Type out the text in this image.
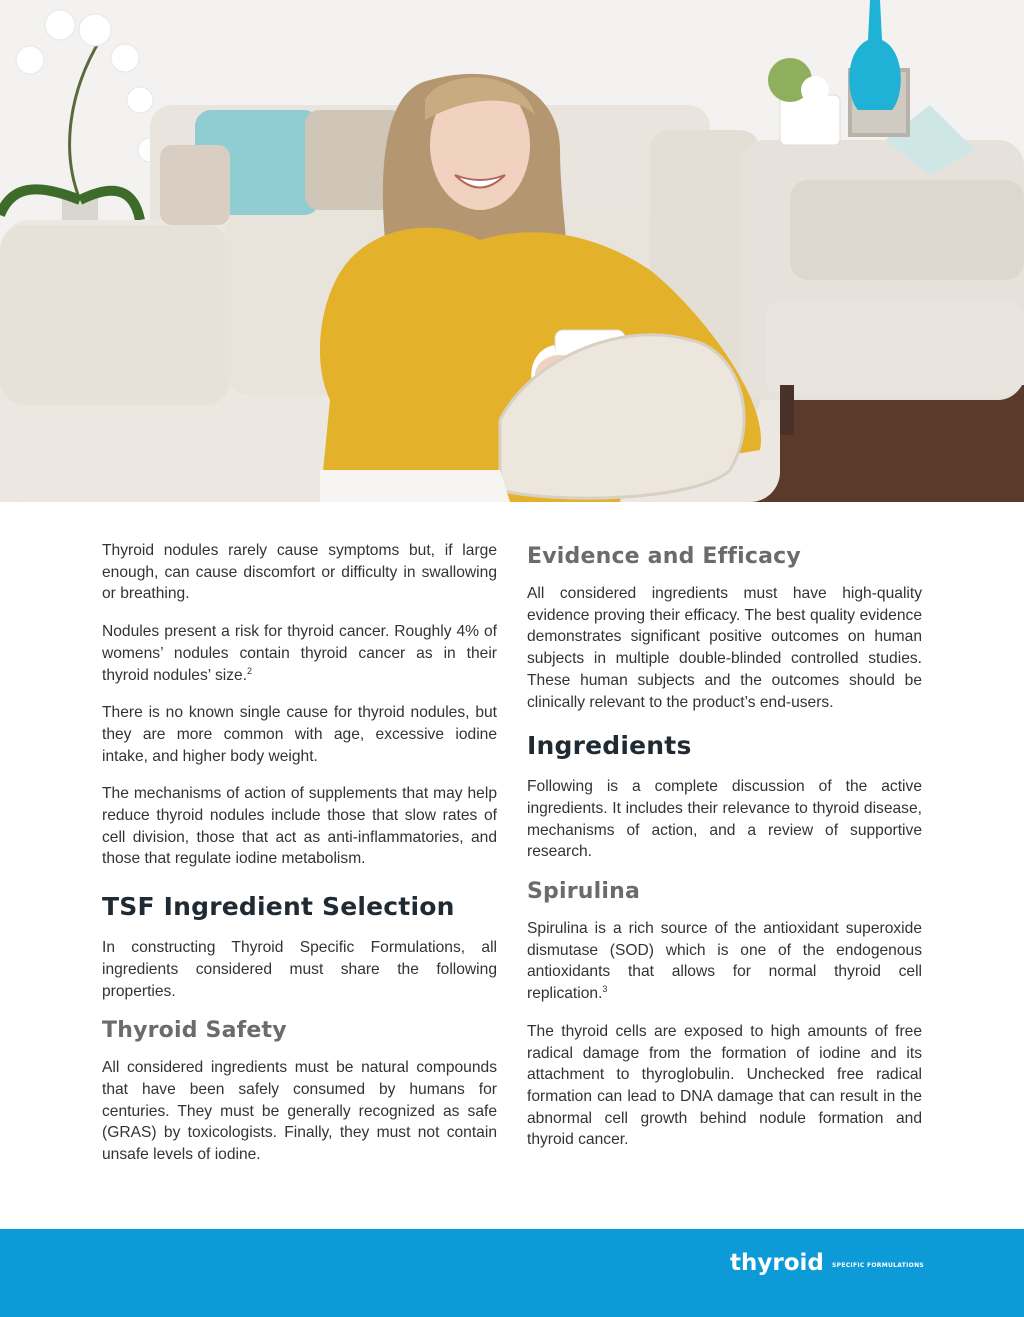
Thyroid nodules rarely cause symptoms but, if large enough, can cause discomfort or difficulty in swallowing or breathing.

Nodules present a risk for thyroid cancer. Roughly 4% of womens’ nodules contain thyroid cancer as in their thyroid nodules’ size.$^2$

There is no known single cause for thyroid nodules, but they are more common with age, excessive iodine intake, and higher body weight.

The mechanisms of action of supplements that may help reduce thyroid nodules include those that slow rates of cell division, those that act as anti-inflammatories, and those that regulate iodine metabolism.

TSF Ingredient Selection

In constructing Thyroid Specific Formulations, all ingredients considered must share the following properties.

Thyroid Safety

All considered ingredients must be natural compounds that have been safely consumed by humans for centuries. They must be generally recognized as safe (GRAS) by toxicologists. Finally, they must not contain unsafe levels of iodine.

Evidence and Efficacy

All considered ingredients must have high-quality evidence proving their efficacy. The best quality evidence demonstrates significant positive outcomes on human subjects in multiple double-blinded controlled studies. These human subjects and the outcomes should be clinically relevant to the product’s end-users.

Ingredients

Following is a complete discussion of the active ingredients. It includes their relevance to thyroid disease, mechanisms of action, and a review of supportive research.

Spirulina

Spirulina is a rich source of the antioxidant superoxide dismutase (SOD) which is one of the endogenous antioxidants that allows for normal thyroid cell replication.$^3$

The thyroid cells are exposed to high amounts of free radical damage from the formation of iodine and its attachment to thyroglobulin. Unchecked free radical formation can lead to DNA damage that can result in the abnormal cell growth behind nodule formation and thyroid cancer.

thyroid SPECIFIC FORMULATIONS
